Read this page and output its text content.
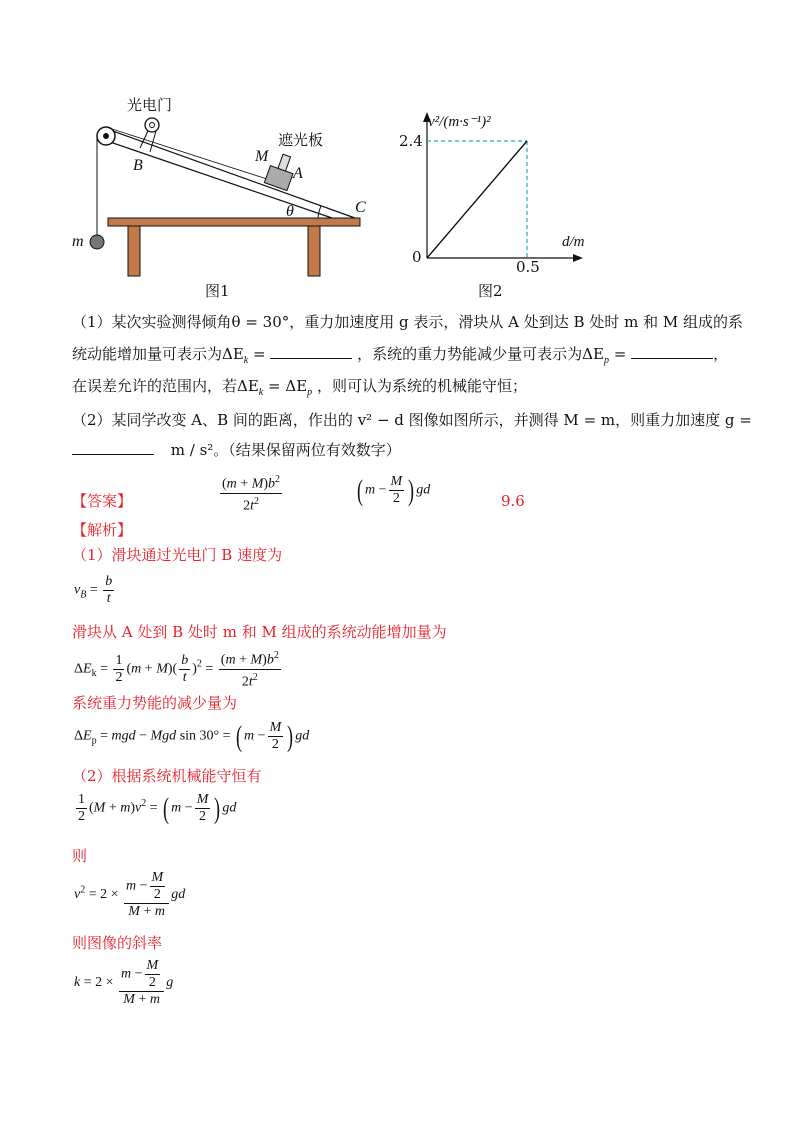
光电门
遮光板
M
A
B
C
θ
m
图1
v²/(m·s⁻¹)²
d/m
2.4
0.5
0
图2
（1）某次实验测得倾角θ = 30°，重力加速度用 g 表示，滑块从 A 处到达 B 处时 m 和 M 组成的系
统动能增加量可表示为$\Delta E_k$ =	，系统的重力势能减少量可表示为$\Delta E_p$ =	，
在误差允许的范围内，若$\Delta E_k = \Delta E_p$ ，则可认为系统的机械能守恒；
（2）某同学改变 A、B 间的距离，作出的 v² − d 图像如图所示，并测得 M = m，则重力加速度 g =
m / s²。（结果保留两位有效数字）
【答案】	$\frac{(m + M)b^2}{2t^2}$ ( $m - \frac{M}{2}$ ) gd
9.6
【解析】
（1）滑块通过光电门 B 速度为
$v_B = \frac{b}{t}$
滑块从 A 处到 B 处时 m 和 M 组成的系统动能增加量为
$\Delta E_k = \frac{1}{2} (m + M)( \frac{b}{t} )^2 = \frac{(m + M)b^2}{2t^2}$
系统重力势能的减少量为
$\Delta E_p$ = mgd − Mgd sin 30° = ( $m - \frac{M}{2}$ ) gd
（2）根据系统机械能守恒有
$\frac{1}{2} (M + m)v^2$ = ( $m - \frac{M}{2}$ ) gd
则
$v^2 = 2 \times \frac{m - \frac{M}{2}}{M + m}$ gd
则图像的斜率
$k = 2 \times \frac{m - \frac{M}{2}}{M + m}$ g
